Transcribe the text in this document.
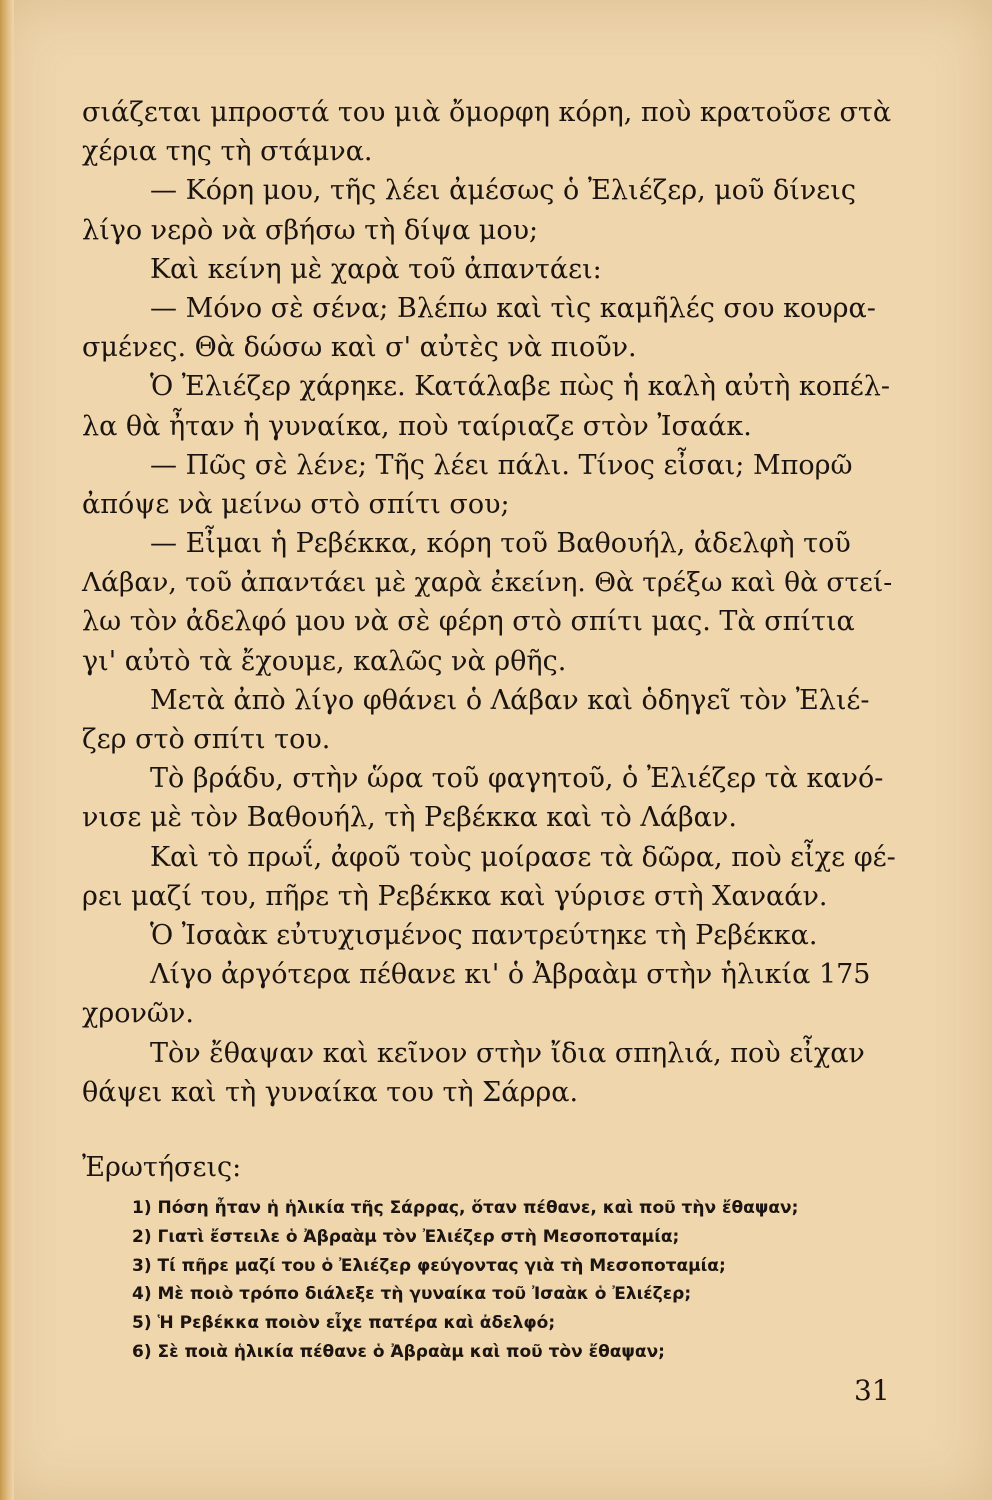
σιάζεται μπροστά του μιὰ ὄμορφη κόρη, ποὺ κρατοῦσε στὰ
χέρια της τὴ στάμνα.
— Κόρη μου, τῆς λέει ἀμέσως ὁ Ἐλιέζερ, μοῦ δίνεις
λίγο νερὸ νὰ σβήσω τὴ δίψα μου;
Καὶ κείνη μὲ χαρὰ τοῦ ἀπαντάει:
— Μόνο σὲ σένα; Βλέπω καὶ τὶς καμῆλές σου κουρα-
σμένες. Θὰ δώσω καὶ σ' αὐτὲς νὰ πιοῦν.
Ὁ Ἐλιέζερ χάρηκε. Κατάλαβε πὼς ἡ καλὴ αὐτὴ κοπέλ-
λα θὰ ἦταν ἡ γυναίκα, ποὺ ταίριαζε στὸν Ἰσαάκ.
— Πῶς σὲ λένε; Τῆς λέει πάλι. Τίνος εἶσαι; Μπορῶ
ἀπόψε νὰ μείνω στὸ σπίτι σου;
— Εἶμαι ἡ Ρεβέκκα, κόρη τοῦ Βαθουήλ, ἀδελφὴ τοῦ
Λάβαν, τοῦ ἀπαντάει μὲ χαρὰ ἐκείνη. Θὰ τρέξω καὶ θὰ στεί-
λω τὸν ἀδελφό μου νὰ σὲ φέρη στὸ σπίτι μας. Τὰ σπίτια
γι' αὐτὸ τὰ ἔχουμε, καλῶς νὰ ρθῆς.
Μετὰ ἀπὸ λίγο φθάνει ὁ Λάβαν καὶ ὁδηγεῖ τὸν Ἐλιέ-
ζερ στὸ σπίτι του.
Τὸ βράδυ, στὴν ὥρα τοῦ φαγητοῦ, ὁ Ἐλιέζερ τὰ κανό-
νισε μὲ τὸν Βαθουήλ, τὴ Ρεβέκκα καὶ τὸ Λάβαν.
Καὶ τὸ πρωΐ, ἀφοῦ τοὺς μοίρασε τὰ δῶρα, ποὺ εἶχε φέ-
ρει μαζί του, πῆρε τὴ Ρεβέκκα καὶ γύρισε στὴ Χαναάν.
Ὁ Ἰσαὰκ εὐτυχισμένος παντρεύτηκε τὴ Ρεβέκκα.
Λίγο ἀργότερα πέθανε κι' ὁ Ἀβραὰμ στὴν ἡλικία 175
χρονῶν.
Τὸν ἔθαψαν καὶ κεῖνον στὴν ἴδια σπηλιά, ποὺ εἶχαν
θάψει καὶ τὴ γυναίκα του τὴ Σάρρα.
Ἐρωτήσεις:
1) Πόση ἦταν ἡ ἡλικία τῆς Σάρρας, ὅταν πέθανε, καὶ ποῦ τὴν ἔθαψαν;
2) Γιατὶ ἔστειλε ὁ Ἀβραὰμ τὸν Ἐλιέζερ στὴ Μεσοποταμία;
3) Τί πῆρε μαζί του ὁ Ἐλιέζερ φεύγοντας γιὰ τὴ Μεσοποταμία;
4) Μὲ ποιὸ τρόπο διάλεξε τὴ γυναίκα τοῦ Ἰσαὰκ ὁ Ἐλιέζερ;
5) Ἡ Ρεβέκκα ποιὸν εἶχε πατέρα καὶ ἀδελφό;
6) Σὲ ποιὰ ἡλικία πέθανε ὁ Ἀβραὰμ καὶ ποῦ τὸν ἔθαψαν;
31
